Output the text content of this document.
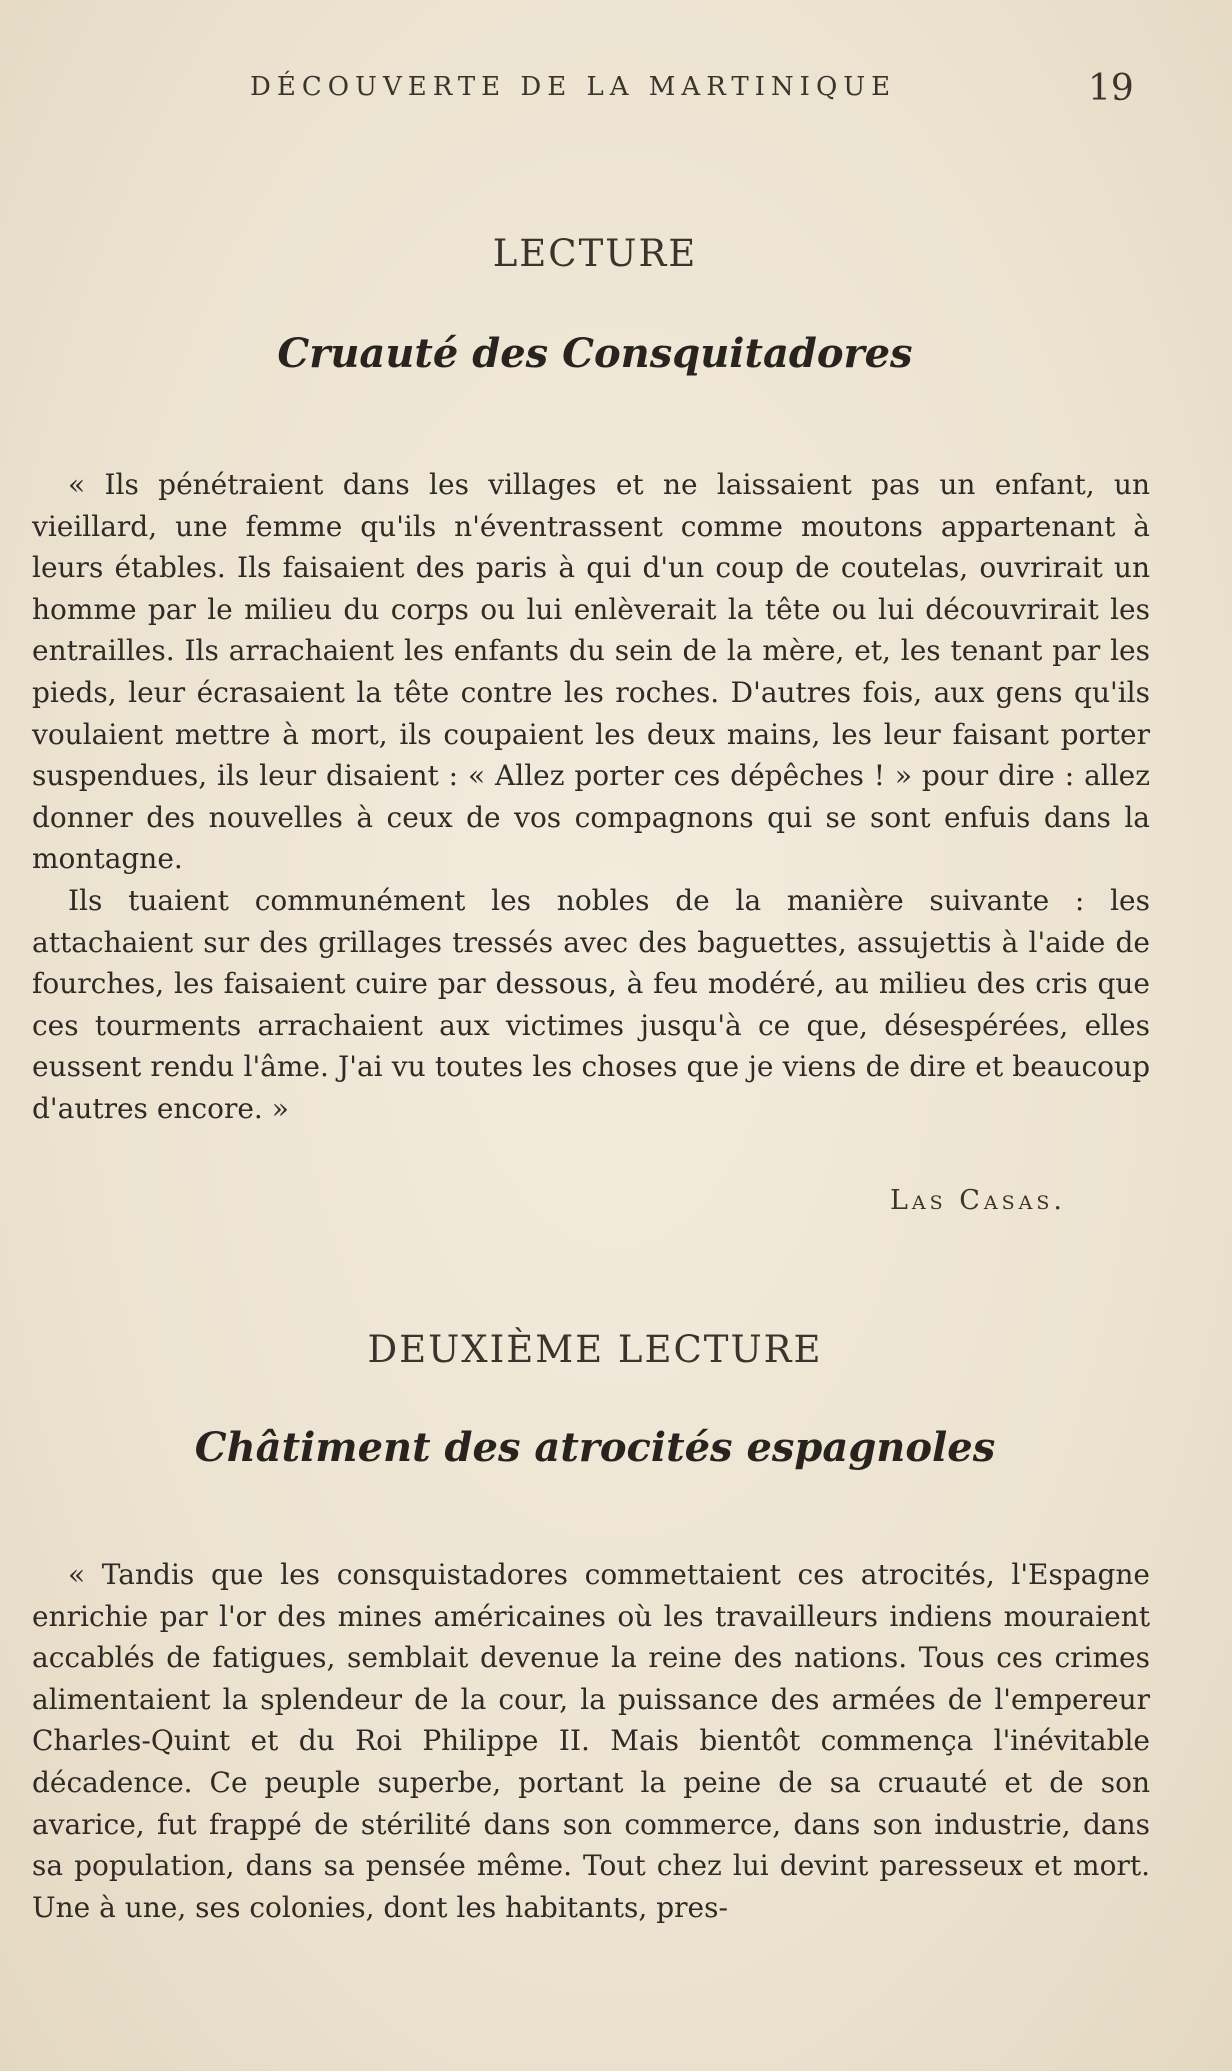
DÉCOUVERTE DE LA MARTINIQUE	19
LECTURE
Cruauté des Consquitadores

« Ils pénétraient dans les villages et ne laissaient pas un enfant, un vieillard, une femme qu'ils n'éventrassent comme moutons appartenant à leurs étables. Ils faisaient des paris à qui d'un coup de coutelas, ouvrirait un homme par le milieu du corps ou lui enlèverait la tête ou lui découvrirait les entrailles. Ils arrachaient les enfants du sein de la mère, et, les tenant par les pieds, leur écrasaient la tête contre les roches. D'autres fois, aux gens qu'ils voulaient mettre à mort, ils coupaient les deux mains, les leur faisant porter suspendues, ils leur disaient : « Allez porter ces dépêches ! » pour dire : allez donner des nouvelles à ceux de vos compagnons qui se sont enfuis dans la montagne.

Ils tuaient communément les nobles de la manière suivante : les attachaient sur des grillages tressés avec des baguettes, assujettis à l'aide de fourches, les faisaient cuire par dessous, à feu modéré, au milieu des cris que ces tourments arrachaient aux victimes jusqu'à ce que, désespérées, elles eussent rendu l'âme. J'ai vu toutes les choses que je viens de dire et beaucoup d'autres encore. »

Las Casas.
DEUXIÈME LECTURE
Châtiment des atrocités espagnoles

« Tandis que les consquistadores commettaient ces atrocités, l'Espagne enrichie par l'or des mines américaines où les travailleurs indiens mouraient accablés de fatigues, semblait devenue la reine des nations. Tous ces crimes alimentaient la splendeur de la cour, la puissance des armées de l'empereur Charles-Quint et du Roi Philippe II. Mais bientôt commença l'inévitable décadence. Ce peuple superbe, portant la peine de sa cruauté et de son avarice, fut frappé de stérilité dans son commerce, dans son industrie, dans sa population, dans sa pensée même. Tout chez lui devint paresseux et mort. Une à une, ses colonies, dont les habitants, pres-
